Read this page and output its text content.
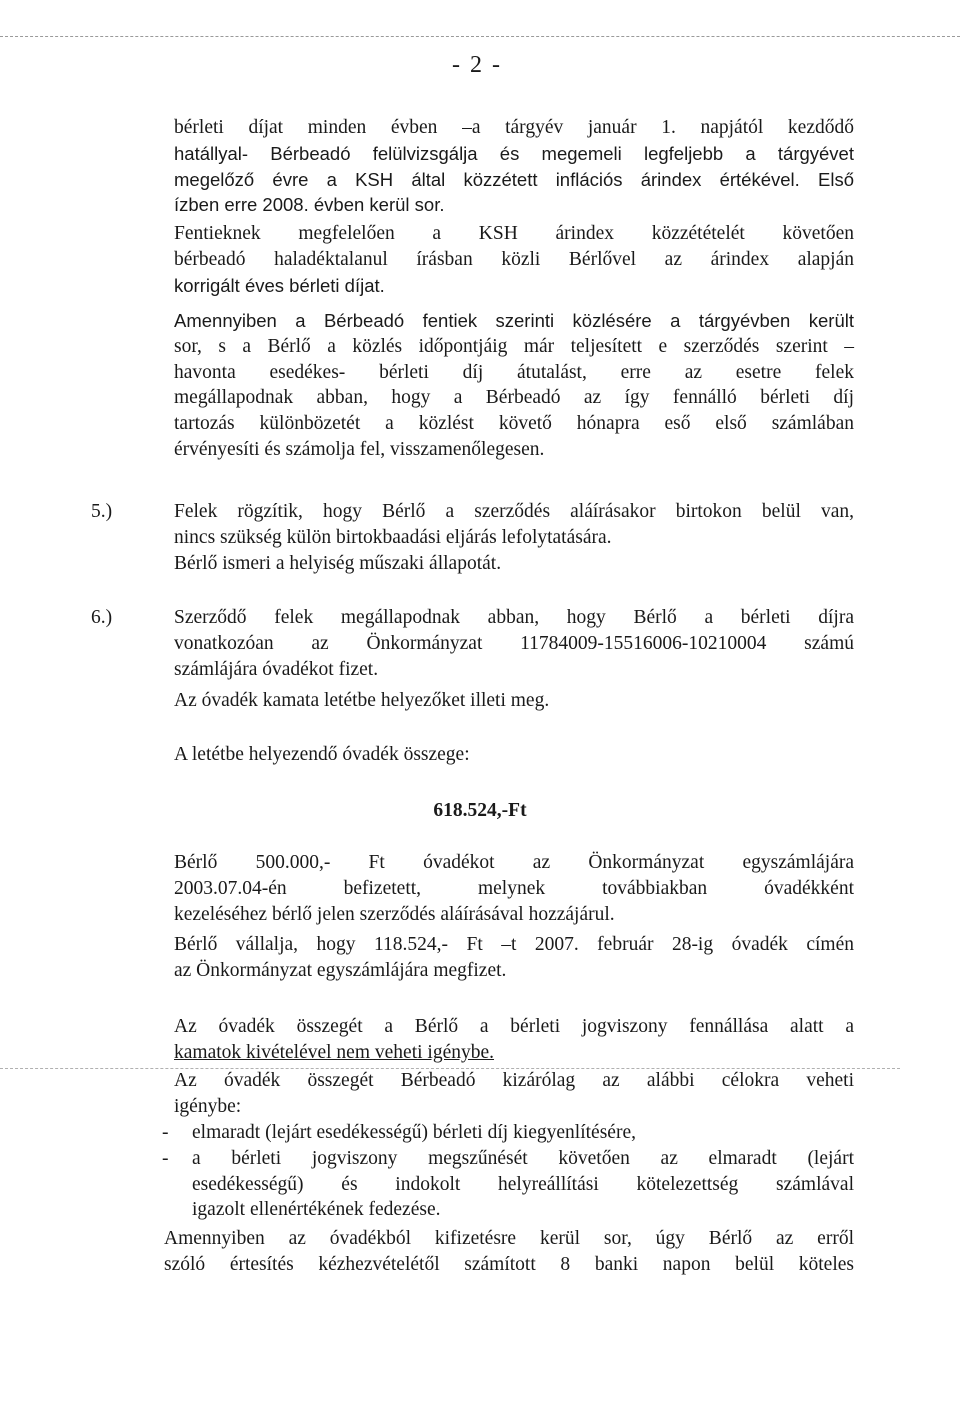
- 2 -

bérleti díjat minden évben –a tárgyév január 1. napjától kezdődő

hatállyal- Bérbeadó felülvizsgálja és megemeli legfeljebb a tárgyévet

megelőző évre a KSH által közzétett inflációs árindex értékével. Első

ízben erre 2008. évben kerül sor.

Fentieknek megfelelően a KSH árindex közzétételét követően

bérbeadó haladéktalanul írásban közli Bérlővel az árindex alapján

korrigált éves bérleti díjat.

Amennyiben a Bérbeadó fentiek szerinti közlésére a tárgyévben került

sor, s a Bérlő a közlés időpontjáig már teljesített e szerződés szerint –

havonta esedékes- bérleti díj átutalást, erre az esetre felek

megállapodnak abban, hogy a Bérbeadó az így fennálló bérleti díj

tartozás különbözetét a közlést követő hónapra eső első számlában

érvényesíti és számolja fel, visszamenőlegesen.

5.)	Felek rögzítik, hogy Bérlő a szerződés aláírásakor birtokon belül van,

nincs szükség külön birtokbaadási eljárás lefolytatására.

Bérlő ismeri a helyiség műszaki állapotát.

6.)	Szerződő felek megállapodnak abban, hogy Bérlő a bérleti díjra

vonatkozóan az Önkormányzat 11784009-15516006-10210004 számú

számlájára óvadékot fizet.

Az óvadék kamata letétbe helyezőket illeti meg.

A letétbe helyezendő óvadék összege:

618.524,-Ft

Bérlő 500.000,- Ft óvadékot az Önkormányzat egyszámlájára

2003.07.04-én befizetett, melynek továbbiakban óvadékként

kezeléséhez bérlő jelen szerződés aláírásával hozzájárul.

Bérlő vállalja, hogy 118.524,- Ft –t 2007. február 28-ig óvadék címén

az Önkormányzat egyszámlájára megfizet.

Az óvadék összegét a Bérlő a bérleti jogviszony fennállása alatt a

kamatok kivételével nem veheti igénybe.

Az óvadék összegét Bérbeadó kizárólag az alábbi célokra veheti

igénybe:

- elmaradt (lejárt esedékességű) bérleti díj kiegyenlítésére,

-	a bérleti jogviszony megszűnését követően az elmaradt (lejárt

esedékességű) és indokolt helyreállítási kötelezettség számlával

igazolt ellenértékének fedezése.

Amennyiben az óvadékból kifizetésre kerül sor, úgy Bérlő az erről

szóló értesítés kézhezvételétől számított 8 banki napon belül köteles
